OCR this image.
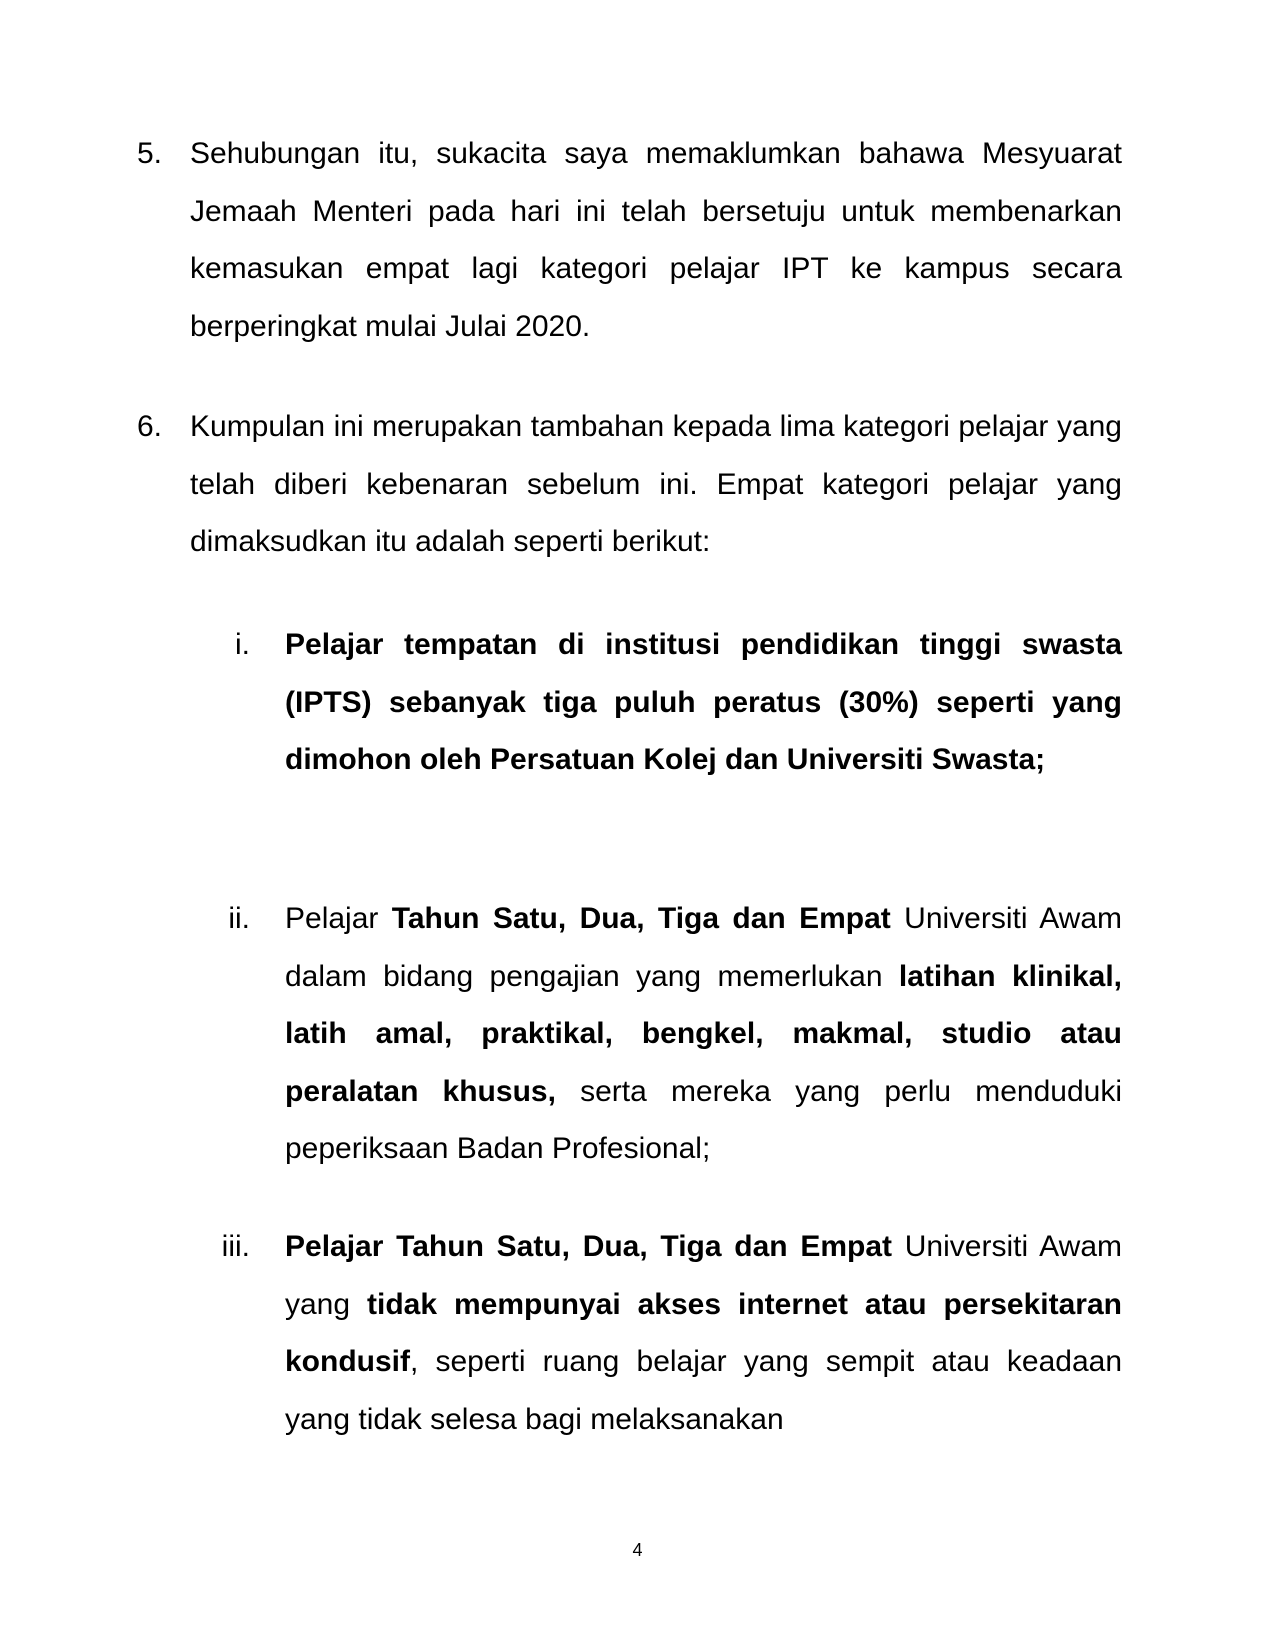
5. Sehubungan itu, sukacita saya memaklumkan bahawa Mesyuarat Jemaah Menteri pada hari ini telah bersetuju untuk membenarkan kemasukan empat lagi kategori pelajar IPT ke kampus secara berperingkat mulai Julai 2020.
6. Kumpulan ini merupakan tambahan kepada lima kategori pelajar yang telah diberi kebenaran sebelum ini. Empat kategori pelajar yang dimaksudkan itu adalah seperti berikut:
i. Pelajar tempatan di institusi pendidikan tinggi swasta (IPTS) sebanyak tiga puluh peratus (30%) seperti yang dimohon oleh Persatuan Kolej dan Universiti Swasta;
ii. Pelajar Tahun Satu, Dua, Tiga dan Empat Universiti Awam dalam bidang pengajian yang memerlukan latihan klinikal, latih amal, praktikal, bengkel, makmal, studio atau peralatan khusus, serta mereka yang perlu menduduki peperiksaan Badan Profesional;
iii. Pelajar Tahun Satu, Dua, Tiga dan Empat Universiti Awam yang tidak mempunyai akses internet atau persekitaran kondusif, seperti ruang belajar yang sempit atau keadaan yang tidak selesa bagi melaksanakan
4
